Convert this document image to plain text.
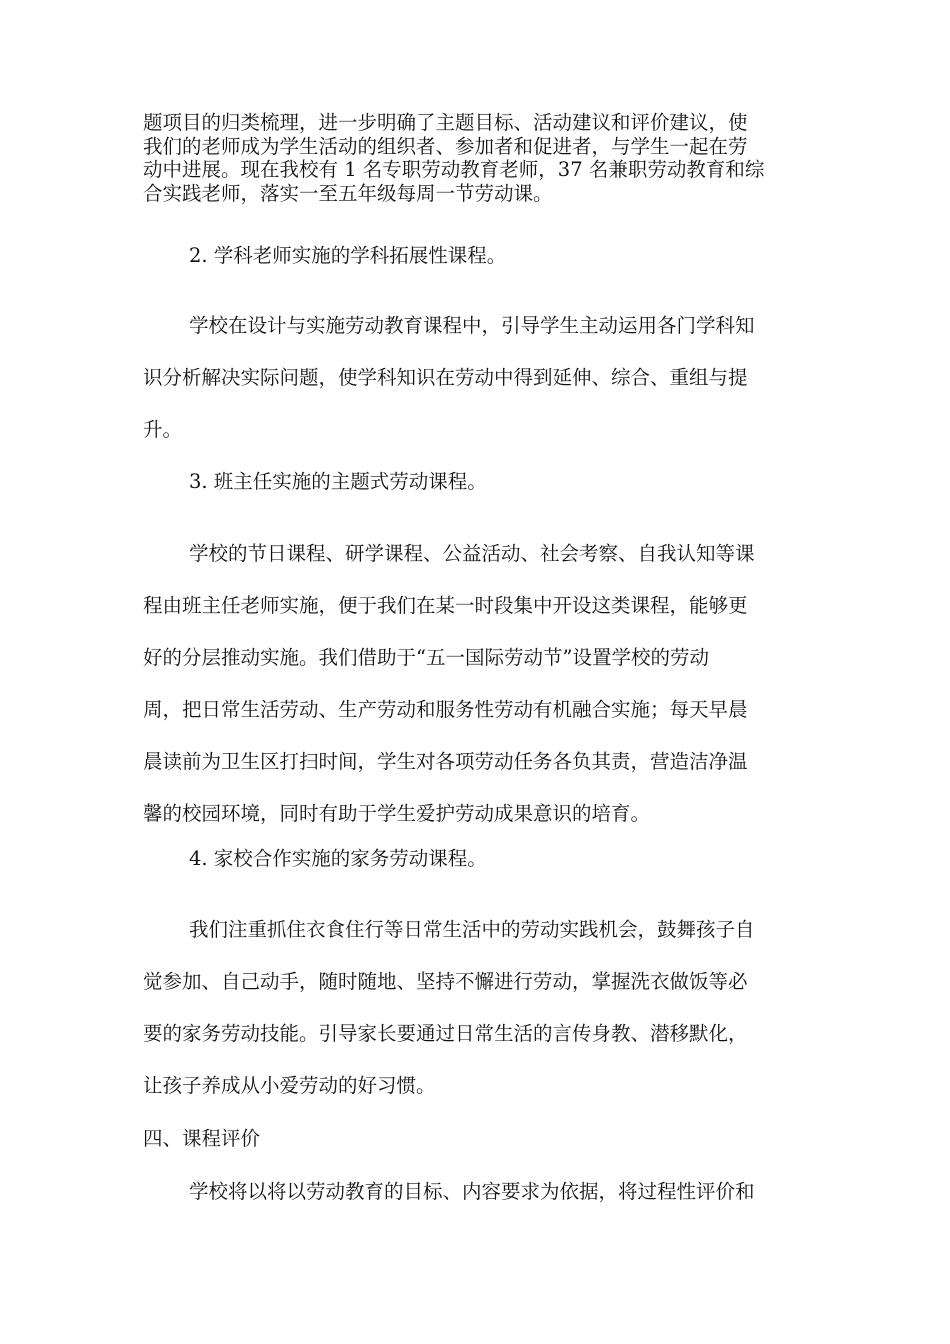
题项目的归类梳理，进一步明确了主题目标、活动建议和评价建议，使
我们的老师成为学生活动的组织者、参加者和促进者，与学生一起在劳
动中进展。现在我校有 1 名专职劳动教育老师，37 名兼职劳动教育和综
合实践老师，落实一至五年级每周一节劳动课。
2. 学科老师实施的学科拓展性课程。
学校在设计与实施劳动教育课程中，引导学生主动运用各门学科知
识分析解决实际问题，使学科知识在劳动中得到延伸、综合、重组与提
升。
3. 班主任实施的主题式劳动课程。
学校的节日课程、研学课程、公益活动、社会考察、自我认知等课
程由班主任老师实施，便于我们在某一时段集中开设这类课程，能够更
好的分层推动实施。我们借助于“五一国际劳动节”设置学校的劳动
周，把日常生活劳动、生产劳动和服务性劳动有机融合实施；每天早晨
晨读前为卫生区打扫时间，学生对各项劳动任务各负其责，营造洁净温
馨的校园环境，同时有助于学生爱护劳动成果意识的培育。
4. 家校合作实施的家务劳动课程。
我们注重抓住衣食住行等日常生活中的劳动实践机会，鼓舞孩子自
觉参加、自己动手，随时随地、坚持不懈进行劳动，掌握洗衣做饭等必
要的家务劳动技能。引导家长要通过日常生活的言传身教、潜移默化，
让孩子养成从小爱劳动的好习惯。
四、课程评价
学校将以将以劳动教育的目标、内容要求为依据，将过程性评价和
